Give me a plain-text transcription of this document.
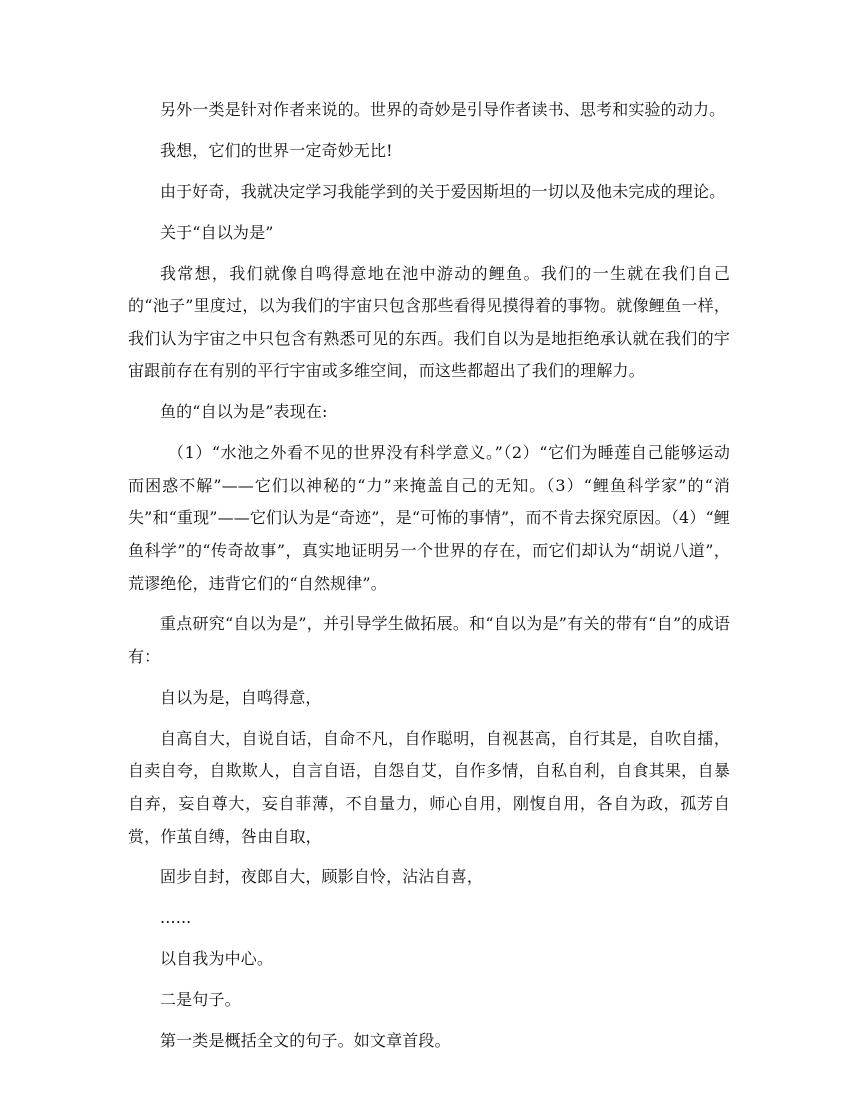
另外一类是针对作者来说的。世界的奇妙是引导作者读书、思考和实验的动力。

我想，它们的世界一定奇妙无比!

由于好奇，我就决定学习我能学到的关于爱因斯坦的一切以及他未完成的理论。

关于“自以为是”

我常想，我们就像自鸣得意地在池中游动的鲤鱼。我们的一生就在我们自己的“池子”里度过，以为我们的宇宙只包含那些看得见摸得着的事物。就像鲤鱼一样，我们认为宇宙之中只包含有熟悉可见的东西。我们自以为是地拒绝承认就在我们的宇宙跟前存在有别的平行宇宙或多维空间，而这些都超出了我们的理解力。

鱼的“自以为是”表现在:

（1）“水池之外看不见的世界没有科学意义。”（2）“它们为睡莲自己能够运动而困惑不解”——它们以神秘的“力”来掩盖自己的无知。（3）“鲤鱼科学家”的“消失”和“重现”——它们认为是“奇迹”，是“可怖的事情”，而不肯去探究原因。（4）“鲤鱼科学”的“传奇故事”，真实地证明另一个世界的存在，而它们却认为“胡说八道”，荒谬绝伦，违背它们的“自然规律”。

重点研究“自以为是”，并引导学生做拓展。和“自以为是”有关的带有“自”的成语有：

自以为是，自鸣得意，

自高自大，自说自话，自命不凡，自作聪明，自视甚高，自行其是，自吹自擂，自卖自夸，自欺欺人，自言自语，自怨自艾，自作多情，自私自利，自食其果，自暴自弃，妄自尊大，妄自菲薄，不自量力，师心自用，刚愎自用，各自为政，孤芳自赏，作茧自缚，咎由自取，

固步自封，夜郎自大，顾影自怜，沾沾自喜，

......

以自我为中心。

二是句子。

第一类是概括全文的句子。如文章首段。
